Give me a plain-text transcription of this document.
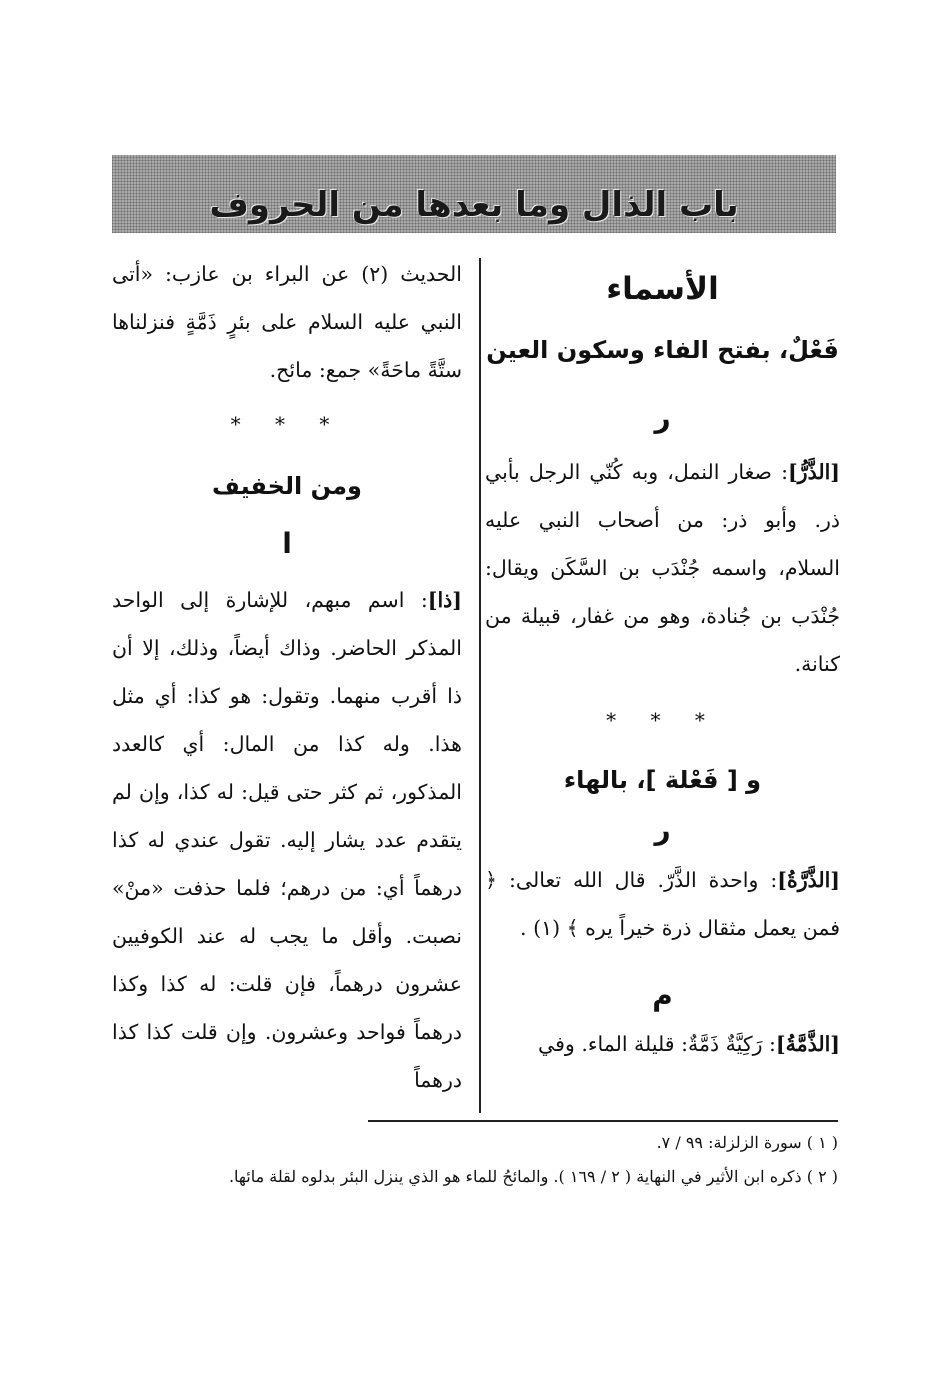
باب الذال وما بعدها من الحروف
الأسماء
فَعْلٌ، بفتح الفاء وسكون العين
ر

[الذَّرُّ]: صغار النمل، وبه كُنّي الرجل بأبي ذر. وأبو ذر: من أصحاب النبي عليه السلام، واسمه جُنْدَب بن السَّكَن ويقال: جُنْدَب بن جُنادة، وهو من غفار، قبيلة من كنانة.

* * *
و [ فَعْلة ]، بالهاء
ر

[الذَّرَّةُ]: واحدة الذَّرّ. قال الله تعالى: ﴿ فمن يعمل مثقال ذرة خيراً يره ﴾ (١) .

م

[الذَّمَّةُ]: رَكِيَّةٌ ذَمَّةٌ: قليلة الماء. وفي

الحديث (٢) عن البراء بن عازب: «أتى النبي عليه السلام على بئرٍ ذَمَّةٍ فنزلناها ستَّةً ماحَةً» جمع: مائح.

* * *
ومن الخفيف
ا

[ذا]: اسم مبهم، للإشارة إلى الواحد المذكر الحاضر. وذاك أيضاً، وذلك، إلا أن ذا أقرب منهما. وتقول: هو كذا: أي مثل هذا. وله كذا من المال: أي كالعدد المذكور، ثم كثر حتى قيل: له كذا، وإن لم يتقدم عدد يشار إليه. تقول عندي له كذا درهماً أي: من درهم؛ فلما حذفت «منْ» نصبت. وأقل ما يجب له عند الكوفيين عشرون درهماً، فإن قلت: له كذا وكذا درهماً فواحد وعشرون. وإن قلت كذا كذا درهماً

( ١ ) سورة الزلزلة: ٩٩ / ٧.

( ٢ ) ذكره ابن الأثير في النهاية ( ٢ / ١٦٩ ). والمائحُ للماء هو الذي ينزل البئر بدلوه لقلة مائها.
